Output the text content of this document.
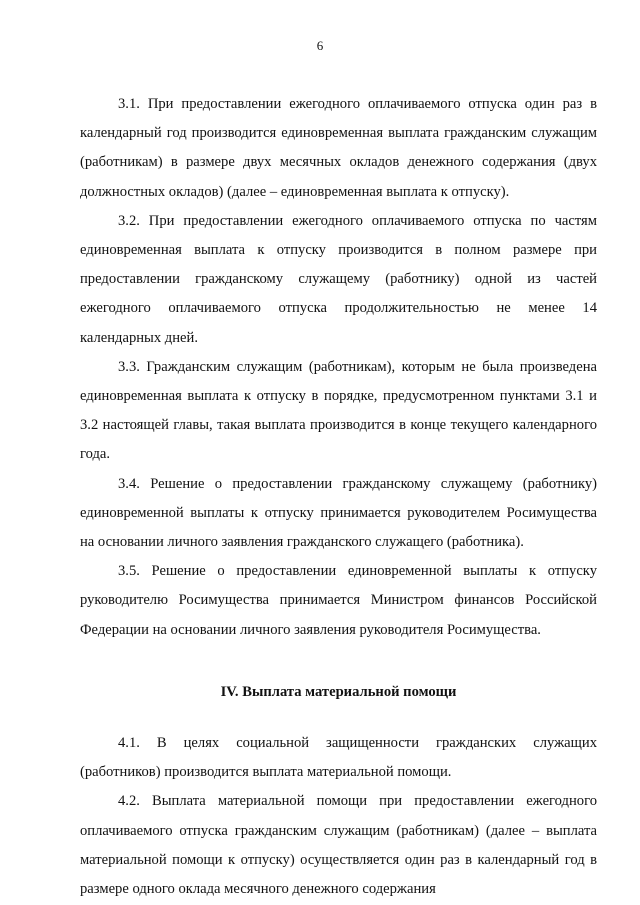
6

3.1. При предоставлении ежегодного оплачиваемого отпуска один раз в календарный год производится единовременная выплата гражданским служащим (работникам) в размере двух месячных окладов денежного содержания (двух должностных окладов) (далее – единовременная выплата к отпуску).

3.2. При предоставлении ежегодного оплачиваемого отпуска по частям единовременная выплата к отпуску производится в полном размере при предоставлении гражданскому служащему (работнику) одной из частей ежегодного оплачиваемого отпуска продолжительностью не менее 14 календарных дней.

3.3. Гражданским служащим (работникам), которым не была произведена единовременная выплата к отпуску в порядке, предусмотренном пунктами 3.1 и 3.2 настоящей главы, такая выплата производится в конце текущего календарного года.

3.4. Решение о предоставлении гражданскому служащему (работнику) единовременной выплаты к отпуску принимается руководителем Росимущества на основании личного заявления гражданского служащего (работника).

3.5. Решение о предоставлении единовременной выплаты к отпуску руководителю Росимущества принимается Министром финансов Российской Федерации на основании личного заявления руководителя Росимущества.

IV. Выплата материальной помощи

4.1. В целях социальной защищенности гражданских служащих (работников) производится выплата материальной помощи.

4.2. Выплата материальной помощи при предоставлении ежегодного оплачиваемого отпуска гражданским служащим (работникам) (далее – выплата материальной помощи к отпуску) осуществляется один раз в календарный год в размере одного оклада месячного денежного содержания
